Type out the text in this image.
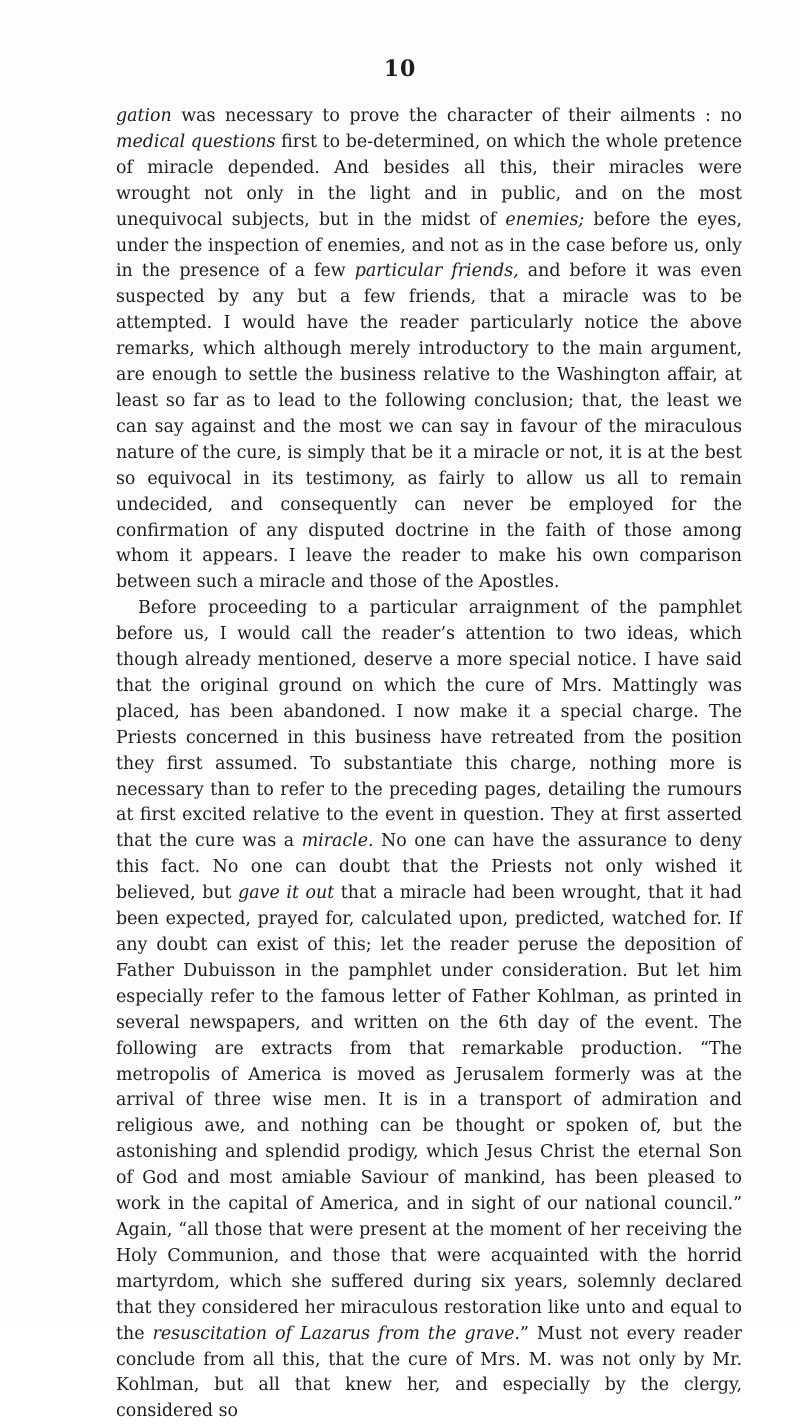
10

gation was necessary to prove the character of their ailments : no medical questions first to be-determined, on which the whole pretence of miracle depended. And besides all this, their miracles were wrought not only in the light and in public, and on the most unequivocal subjects, but in the midst of enemies; before the eyes, under the inspection of enemies, and not as in the case before us, only in the presence of a few particular friends, and before it was even suspected by any but a few friends, that a miracle was to be attempted. I would have the reader particularly notice the above remarks, which although merely introductory to the main argument, are enough to settle the business relative to the Washington affair, at least so far as to lead to the following conclusion; that, the least we can say against and the most we can say in favour of the miraculous nature of the cure, is simply that be it a miracle or not, it is at the best so equivocal in its testimony, as fairly to allow us all to remain undecided, and consequently can never be employed for the confirmation of any disputed doctrine in the faith of those among whom it appears. I leave the reader to make his own comparison between such a miracle and those of the Apostles.

Before proceeding to a particular arraignment of the pamphlet before us, I would call the reader’s attention to two ideas, which though already mentioned, deserve a more special notice. I have said that the original ground on which the cure of Mrs. Mattingly was placed, has been abandoned. I now make it a special charge. The Priests concerned in this business have retreated from the position they first assumed. To substantiate this charge, nothing more is necessary than to refer to the preceding pages, detailing the rumours at first excited relative to the event in question. They at first asserted that the cure was a miracle. No one can have the assurance to deny this fact. No one can doubt that the Priests not only wished it believed, but gave it out that a miracle had been wrought, that it had been expected, prayed for, calculated upon, predicted, watched for. If any doubt can exist of this; let the reader peruse the deposition of Father Dubuisson in the pamphlet under consideration. But let him especially refer to the famous letter of Father Kohlman, as printed in several newspapers, and written on the 6th day of the event. The following are extracts from that remarkable production. “The metropolis of America is moved as Jerusalem formerly was at the arrival of three wise men. It is in a transport of admiration and religious awe, and nothing can be thought or spoken of, but the astonishing and splendid prodigy, which Jesus Christ the eternal Son of God and most amiable Saviour of mankind, has been pleased to work in the capital of America, and in sight of our national council.” Again, “all those that were present at the moment of her receiving the Holy Communion, and those that were acquainted with the horrid martyrdom, which she suffered during six years, solemnly declared that they considered her miraculous restoration like unto and equal to the resuscitation of Lazarus from the grave.” Must not every reader conclude from all this, that the cure of Mrs. M. was not only by Mr. Kohlman, but all that knew her, and especially by the clergy, considered so
